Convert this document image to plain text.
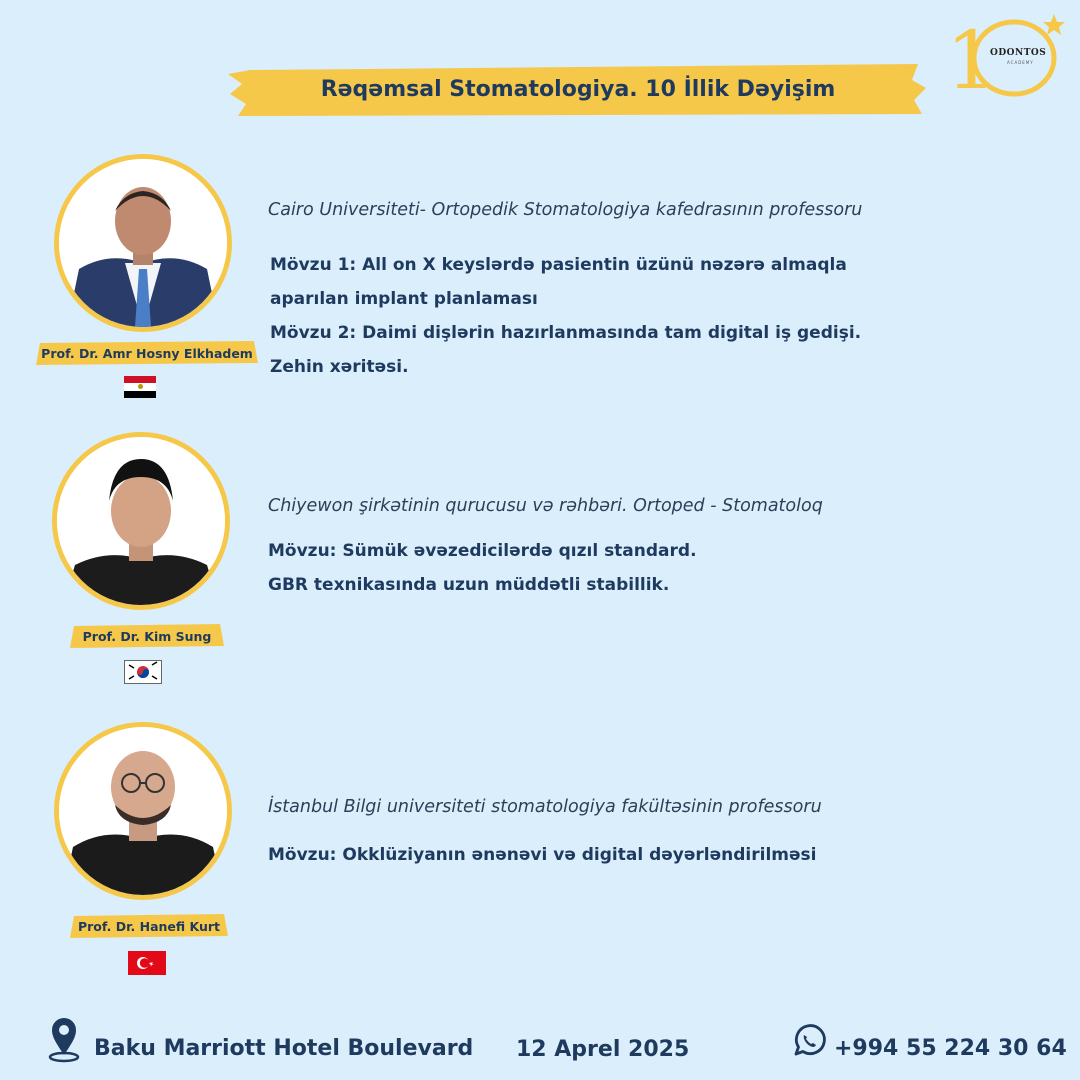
1
ODONTOS
ACADEMY
Rəqəmsal Stomatologiya. 10 İllik Dəyişim
Prof. Dr. Amr Hosny Elkhadem
Cairo Universiteti- Ortopedik Stomatologiya kafedrasının professoru
Mövzu 1: All on X keyslərdə pasientin üzünü nəzərə almaqla
aparılan implant planlaması
Mövzu 2: Daimi dişlərin hazırlanmasında tam digital iş gedişi.
Zehin xəritəsi.
Prof. Dr. Kim Sung
Chiyewon şirkətinin qurucusu və rəhbəri. Ortoped - Stomatoloq
Mövzu: Sümük əvəzedicilərdə qızıl standard.
GBR texnikasında uzun müddətli stabillik.
Prof. Dr. Hanefi Kurt
İstanbul Bilgi universiteti stomatologiya fakültəsinin professoru
Mövzu: Okklüziyanın ənənəvi və digital dəyərləndirilməsi
Baku Marriott Hotel Boulevard 12 Aprel 2025	+994 55 224 30 64
